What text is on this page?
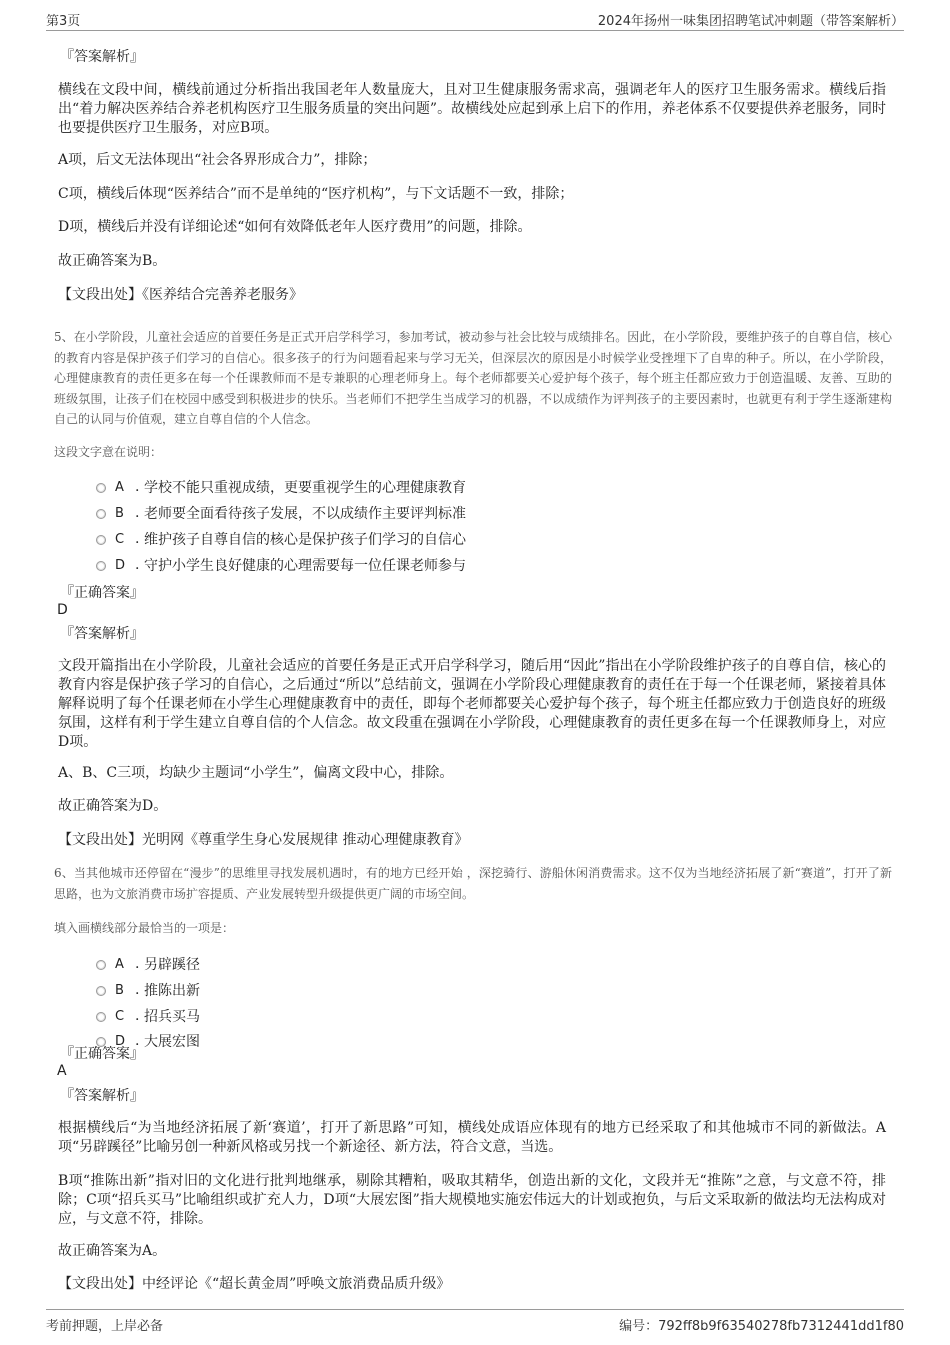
第3页	2024年扬州一味集团招聘笔试冲刺题（带答案解析）
『答案解析』
横线在文段中间，横线前通过分析指出我国老年人数量庞大，且对卫生健康服务需求高，强调老年人的医疗卫生服务需求。横线后指出“着力解决医养结合养老机构医疗卫生服务质量的突出问题”。故横线处应起到承上启下的作用，养老体系不仅要提供养老服务，同时也要提供医疗卫生服务，对应B项。
A项，后文无法体现出“社会各界形成合力”，排除；
C项，横线后体现“医养结合”而不是单纯的“医疗机构”，与下文话题不一致，排除；
D项，横线后并没有详细论述“如何有效降低老年人医疗费用”的问题，排除。
故正确答案为B。
【文段出处】《医养结合完善养老服务》
5、在小学阶段，儿童社会适应的首要任务是正式开启学科学习，参加考试，被动参与社会比较与成绩排名。因此，在小学阶段，要维护孩子的自尊自信，核心的教育内容是保护孩子们学习的自信心。很多孩子的行为问题看起来与学习无关，但深层次的原因是小时候学业受挫埋下了自卑的种子。所以，在小学阶段，心理健康教育的责任更多在每一个任课教师而不是专兼职的心理老师身上。每个老师都要关心爱护每个孩子，每个班主任都应致力于创造温暖、友善、互助的班级氛围，让孩子们在校园中感受到积极进步的快乐。当老师们不把学生当成学习的机器，不以成绩作为评判孩子的主要因素时，也就更有利于学生逐渐建构自己的认同与价值观，建立自尊自信的个人信念。
这段文字意在说明：
A . 学校不能只重视成绩，更要重视学生的心理健康教育
B . 老师要全面看待孩子发展，不以成绩作主要评判标准
C . 维护孩子自尊自信的核心是保护孩子们学习的自信心
D . 守护小学生良好健康的心理需要每一位任课老师参与
『正确答案』
D
『答案解析』
文段开篇指出在小学阶段，儿童社会适应的首要任务是正式开启学科学习，随后用“因此”指出在小学阶段维护孩子的自尊自信，核心的教育内容是保护孩子学习的自信心，之后通过“所以”总结前文，强调在小学阶段心理健康教育的责任在于每一个任课老师，紧接着具体解释说明了每个任课老师在小学生心理健康教育中的责任，即每个老师都要关心爱护每个孩子，每个班主任都应致力于创造良好的班级氛围，这样有利于学生建立自尊自信的个人信念。故文段重在强调在小学阶段，心理健康教育的责任更多在每一个任课教师身上，对应D项。
A、B、C三项，均缺少主题词“小学生”，偏离文段中心，排除。
故正确答案为D。
【文段出处】光明网《尊重学生身心发展规律 推动心理健康教育》
6、当其他城市还停留在“漫步”的思维里寻找发展机遇时，有的地方已经开始 ，深挖骑行、游船休闲消费需求。这不仅为当地经济拓展了新“赛道”，打开了新思路，也为文旅消费市场扩容提质、产业发展转型升级提供更广阔的市场空间。
填入画横线部分最恰当的一项是：
A . 另辟蹊径
B . 推陈出新
C . 招兵买马
D . 大展宏图
『正确答案』
A
『答案解析』
根据横线后“为当地经济拓展了新‘赛道’，打开了新思路”可知，横线处成语应体现有的地方已经采取了和其他城市不同的新做法。A项“另辟蹊径”比喻另创一种新风格或另找一个新途径、新方法，符合文意，当选。
B项“推陈出新”指对旧的文化进行批判地继承，剔除其糟粕，吸取其精华，创造出新的文化，文段并无“推陈”之意，与文意不符，排除；C项“招兵买马”比喻组织或扩充人力，D项“大展宏图”指大规模地实施宏伟远大的计划或抱负，与后文采取新的做法均无法构成对应，与文意不符，排除。
故正确答案为A。
【文段出处】中经评论《“超长黄金周”呼唤文旅消费品质升级》
考前押题，上岸必备	编号：792ff8b9f63540278fb7312441dd1f80
